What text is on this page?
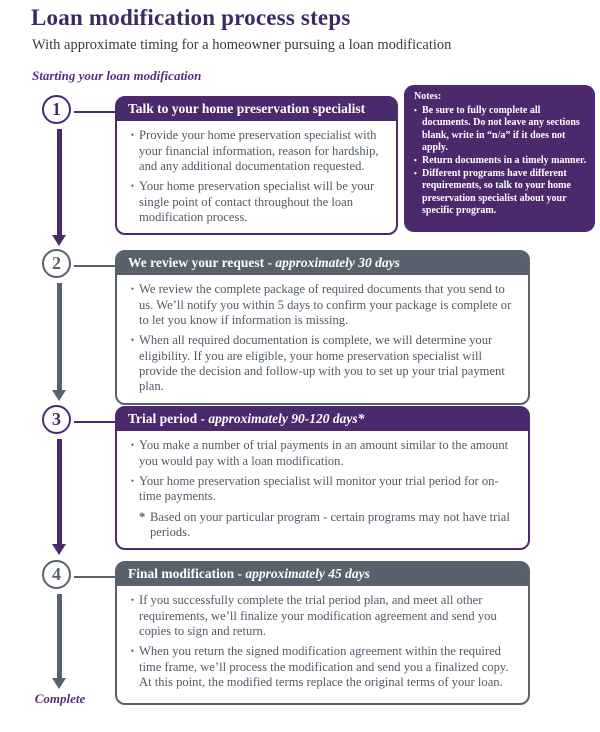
Loan modification process steps
With approximate timing for a homeowner pursuing a loan modification
Starting your loan modification
1
2
3
4
Talk to your home preservation specialist
• Provide your home preservation specialist with your financial information, reason for hardship, and any additional documentation requested.
• Your home preservation specialist will be your single point of contact throughout the loan modification process.
Notes:
• Be sure to fully complete all documents. Do not leave any sections blank, write in “n/a” if it does not apply.
• Return documents in a timely manner.
• Different programs have different requirements, so talk to your home preservation specialist about your specific program.
We review your request - approximately 30 days
• We review the complete package of required documents that you send to us. We’ll notify you within 5 days to confirm your package is complete or to let you know if information is missing.
• When all required documentation is complete, we will determine your eligibility. If you are eligible, your home preservation specialist will provide the decision and follow-up with you to set up your trial payment plan.
Trial period - approximately 90-120 days*
• You make a number of trial payments in an amount similar to the amount you would pay with a loan modification.
• Your home preservation specialist will monitor your trial period for on-time payments.
* Based on your particular program - certain programs may not have trial periods.
Final modification - approximately 45 days
• If you successfully complete the trial period plan, and meet all other requirements, we’ll finalize your modification agreement and send you copies to sign and return.
• When you return the signed modification agreement within the required time frame, we’ll process the modification and send you a finalized copy. At this point, the modified terms replace the original terms of your loan.
Complete
